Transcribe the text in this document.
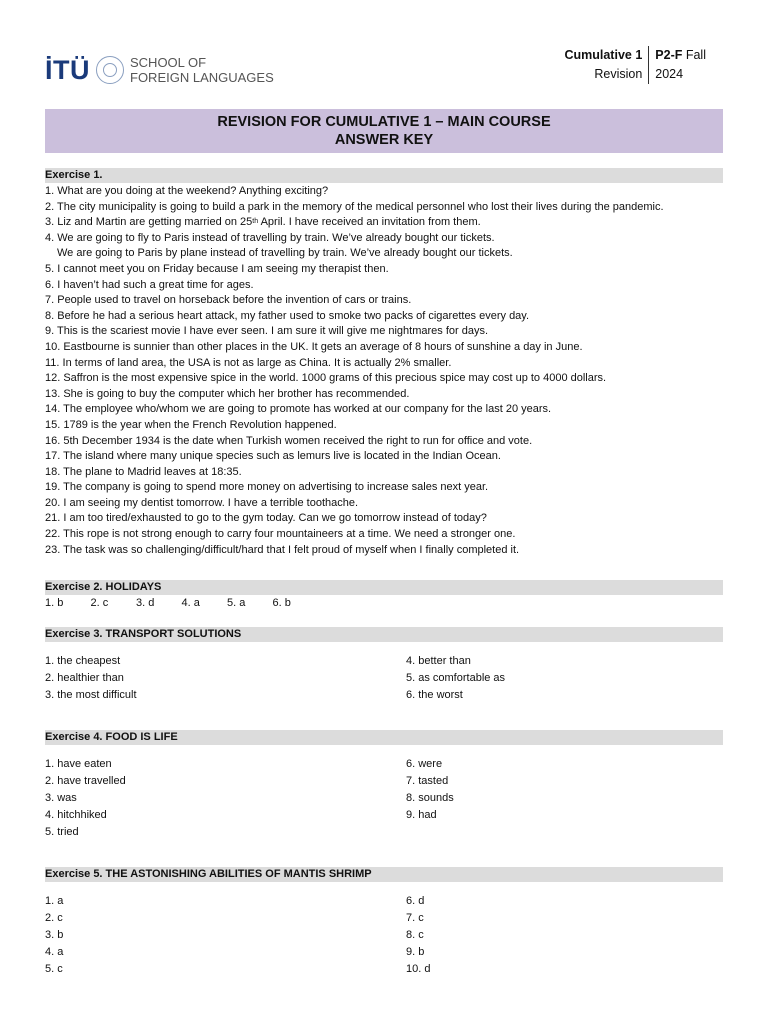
İTÜ	SCHOOL OF
FOREIGN LANGUAGES
Cumulative 1
Revision
P2-F Fall
2024
REVISION FOR CUMULATIVE 1 – MAIN COURSE
ANSWER KEY
Exercise 1.
1. What are you doing at the weekend? Anything exciting?
2. The city municipality is going to build a park in the memory of the medical personnel who lost their lives during the pandemic.
3. Liz and Martin are getting married on 25th April. I have received an invitation from them.
4. We are going to fly to Paris instead of travelling by train. We’ve already bought our tickets.
We are going to Paris by plane instead of travelling by train. We’ve already bought our tickets.
5. I cannot meet you on Friday because I am seeing my therapist then.
6. I haven’t had such a great time for ages.
7. People used to travel on horseback before the invention of cars or trains.
8. Before he had a serious heart attack, my father used to smoke two packs of cigarettes every day.
9. This is the scariest movie I have ever seen. I am sure it will give me nightmares for days.
10. Eastbourne is sunnier than other places in the UK. It gets an average of 8 hours of sunshine a day in June.
11. In terms of land area, the USA is not as large as China. It is actually 2% smaller.
12. Saffron is the most expensive spice in the world. 1000 grams of this precious spice may cost up to 4000 dollars.
13. She is going to buy the computer which her brother has recommended.
14. The employee who/whom we are going to promote has worked at our company for the last 20 years.
15. 1789 is the year when the French Revolution happened.
16. 5th December 1934 is the date when Turkish women received the right to run for office and vote.
17. The island where many unique species such as lemurs live is located in the Indian Ocean.
18. The plane to Madrid leaves at 18:35.
19. The company is going to spend more money on advertising to increase sales next year.
20. I am seeing my dentist tomorrow. I have a terrible toothache.
21. I am too tired/exhausted to go to the gym today. Can we go tomorrow instead of today?
22. This rope is not strong enough to carry four mountaineers at a time. We need a stronger one.
23. The task was so challenging/difficult/hard that I felt proud of myself when I finally completed it.
Exercise 2. HOLIDAYS
1. b	2. c	3. d	4. a	5. a	6. b
Exercise 3. TRANSPORT SOLUTIONS
1. the cheapest
2. healthier than
3. the most difficult
4. better than
5. as comfortable as
6. the worst
Exercise 4. FOOD IS LIFE
1. have eaten
2. have travelled
3. was
4. hitchhiked
5. tried
6. were
7. tasted
8. sounds
9. had
Exercise 5. THE ASTONISHING ABILITIES OF MANTIS SHRIMP
1. a
2. c
3. b
4. a
5. c
6. d
7. c
8. c
9. b
10. d
